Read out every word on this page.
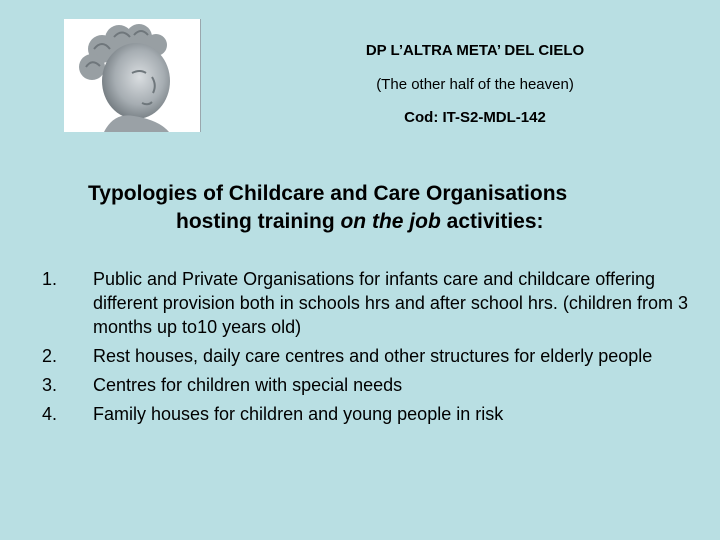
DP L’ALTRA META’ DEL CIELO
(The other half of the heaven)
Cod: IT-S2-MDL-142
Typologies of Childcare and Care Organisations
hosting training on the job activities:
1.	Public and Private Organisations for infants care and childcare offering different provision both in schools hrs and after school hrs. (children from 3 months up to10 years old)
2.	Rest houses, daily care centres and other structures for elderly people
3.	Centres for children with special needs
4.	Family houses for children and young people in risk
